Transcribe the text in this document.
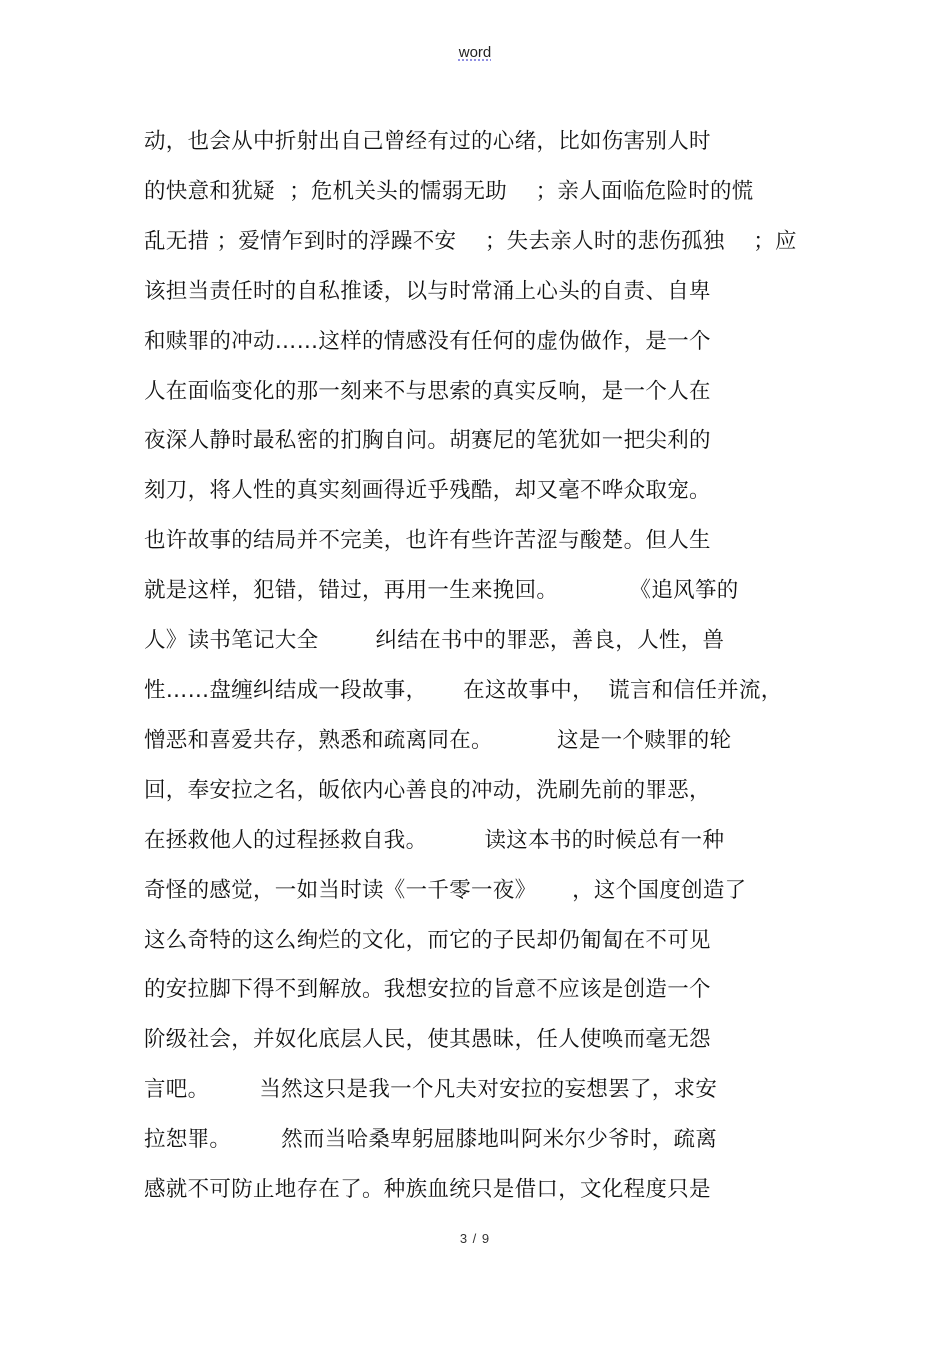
word
动，也会从中折射出自己曾经有过的心绪，比如伤害别人时
的快意和犹疑  ；危机关头的懦弱无助    ；亲人面临危险时的慌
乱无措 ；爱情乍到时的浮躁不安    ；失去亲人时的悲伤孤独    ；应
该担当责任时的自私推诿，以与时常涌上心头的自责、自卑
和赎罪的冲动……这样的情感没有任何的虚伪做作，是一个
人在面临变化的那一刻来不与思索的真实反响，是一个人在
夜深人静时最私密的扪胸自问。胡赛尼的笔犹如一把尖利的
刻刀，将人性的真实刻画得近乎残酷，却又毫不哗众取宠。
也许故事的结局并不完美，也许有些许苦涩与酸楚。但人生
就是这样，犯错，错过，再用一生来挽回。          《追风筝的
人》读书笔记大全        纠结在书中的罪恶，善良，人性，兽
性……盘缠纠结成一段故事，     在这故事中，  谎言和信任并流，
憎恶和喜爱共存，熟悉和疏离同在。         这是一个赎罪的轮
回，奉安拉之名，皈依内心善良的冲动，洗刷先前的罪恶，
在拯救他人的过程拯救自我。        读这本书的时候总有一种
奇怪的感觉，一如当时读《一千零一夜》     ，这个国度创造了
这么奇特的这么绚烂的文化，而它的子民却仍匍匐在不可见
的安拉脚下得不到解放。我想安拉的旨意不应该是创造一个
阶级社会，并奴化底层人民，使其愚昧，任人使唤而毫无怨
言吧。       当然这只是我一个凡夫对安拉的妄想罢了，求安
拉恕罪。       然而当哈桑卑躬屈膝地叫阿米尔少爷时，疏离
感就不可防止地存在了。种族血统只是借口，文化程度只是
3 / 9
